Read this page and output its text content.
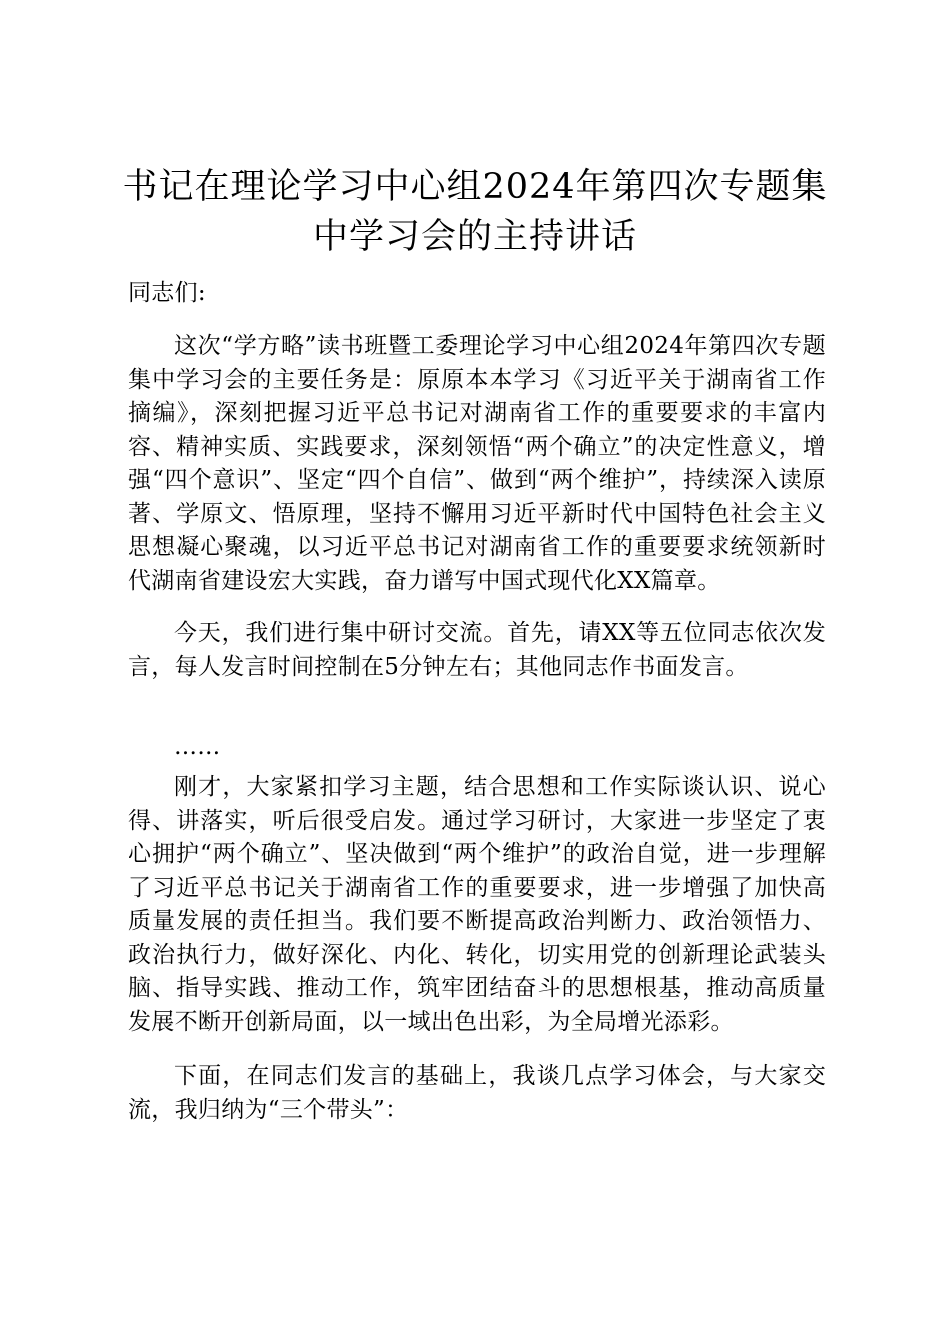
书记在理论学习中心组2024年第四次专题集中学习会的主持讲话

同志们:

这次“学方略”读书班暨工委理论学习中心组2024年第四次专题集中学习会的主要任务是：原原本本学习《习近平关于湖南省工作摘编》，深刻把握习近平总书记对湖南省工作的重要要求的丰富内容、精神实质、实践要求，深刻领悟“两个确立”的决定性意义，增强“四个意识”、坚定“四个自信”、做到“两个维护”，持续深入读原著、学原文、悟原理，坚持不懈用习近平新时代中国特色社会主义思想凝心聚魂，以习近平总书记对湖南省工作的重要要求统领新时代湖南省建设宏大实践，奋力谱写中国式现代化XX篇章。

今天，我们进行集中研讨交流。首先，请XX等五位同志依次发言，每人发言时间控制在5分钟左右；其他同志作书面发言。

……

刚才，大家紧扣学习主题，结合思想和工作实际谈认识、说心得、讲落实，听后很受启发。通过学习研讨，大家进一步坚定了衷心拥护“两个确立”、坚决做到“两个维护”的政治自觉，进一步理解了习近平总书记关于湖南省工作的重要要求，进一步增强了加快高质量发展的责任担当。我们要不断提高政治判断力、政治领悟力、政治执行力，做好深化、内化、转化，切实用党的创新理论武装头脑、指导实践、推动工作，筑牢团结奋斗的思想根基，推动高质量发展不断开创新局面，以一域出色出彩，为全局增光添彩。

下面，在同志们发言的基础上，我谈几点学习体会，与大家交流，我归纳为“三个带头”：
